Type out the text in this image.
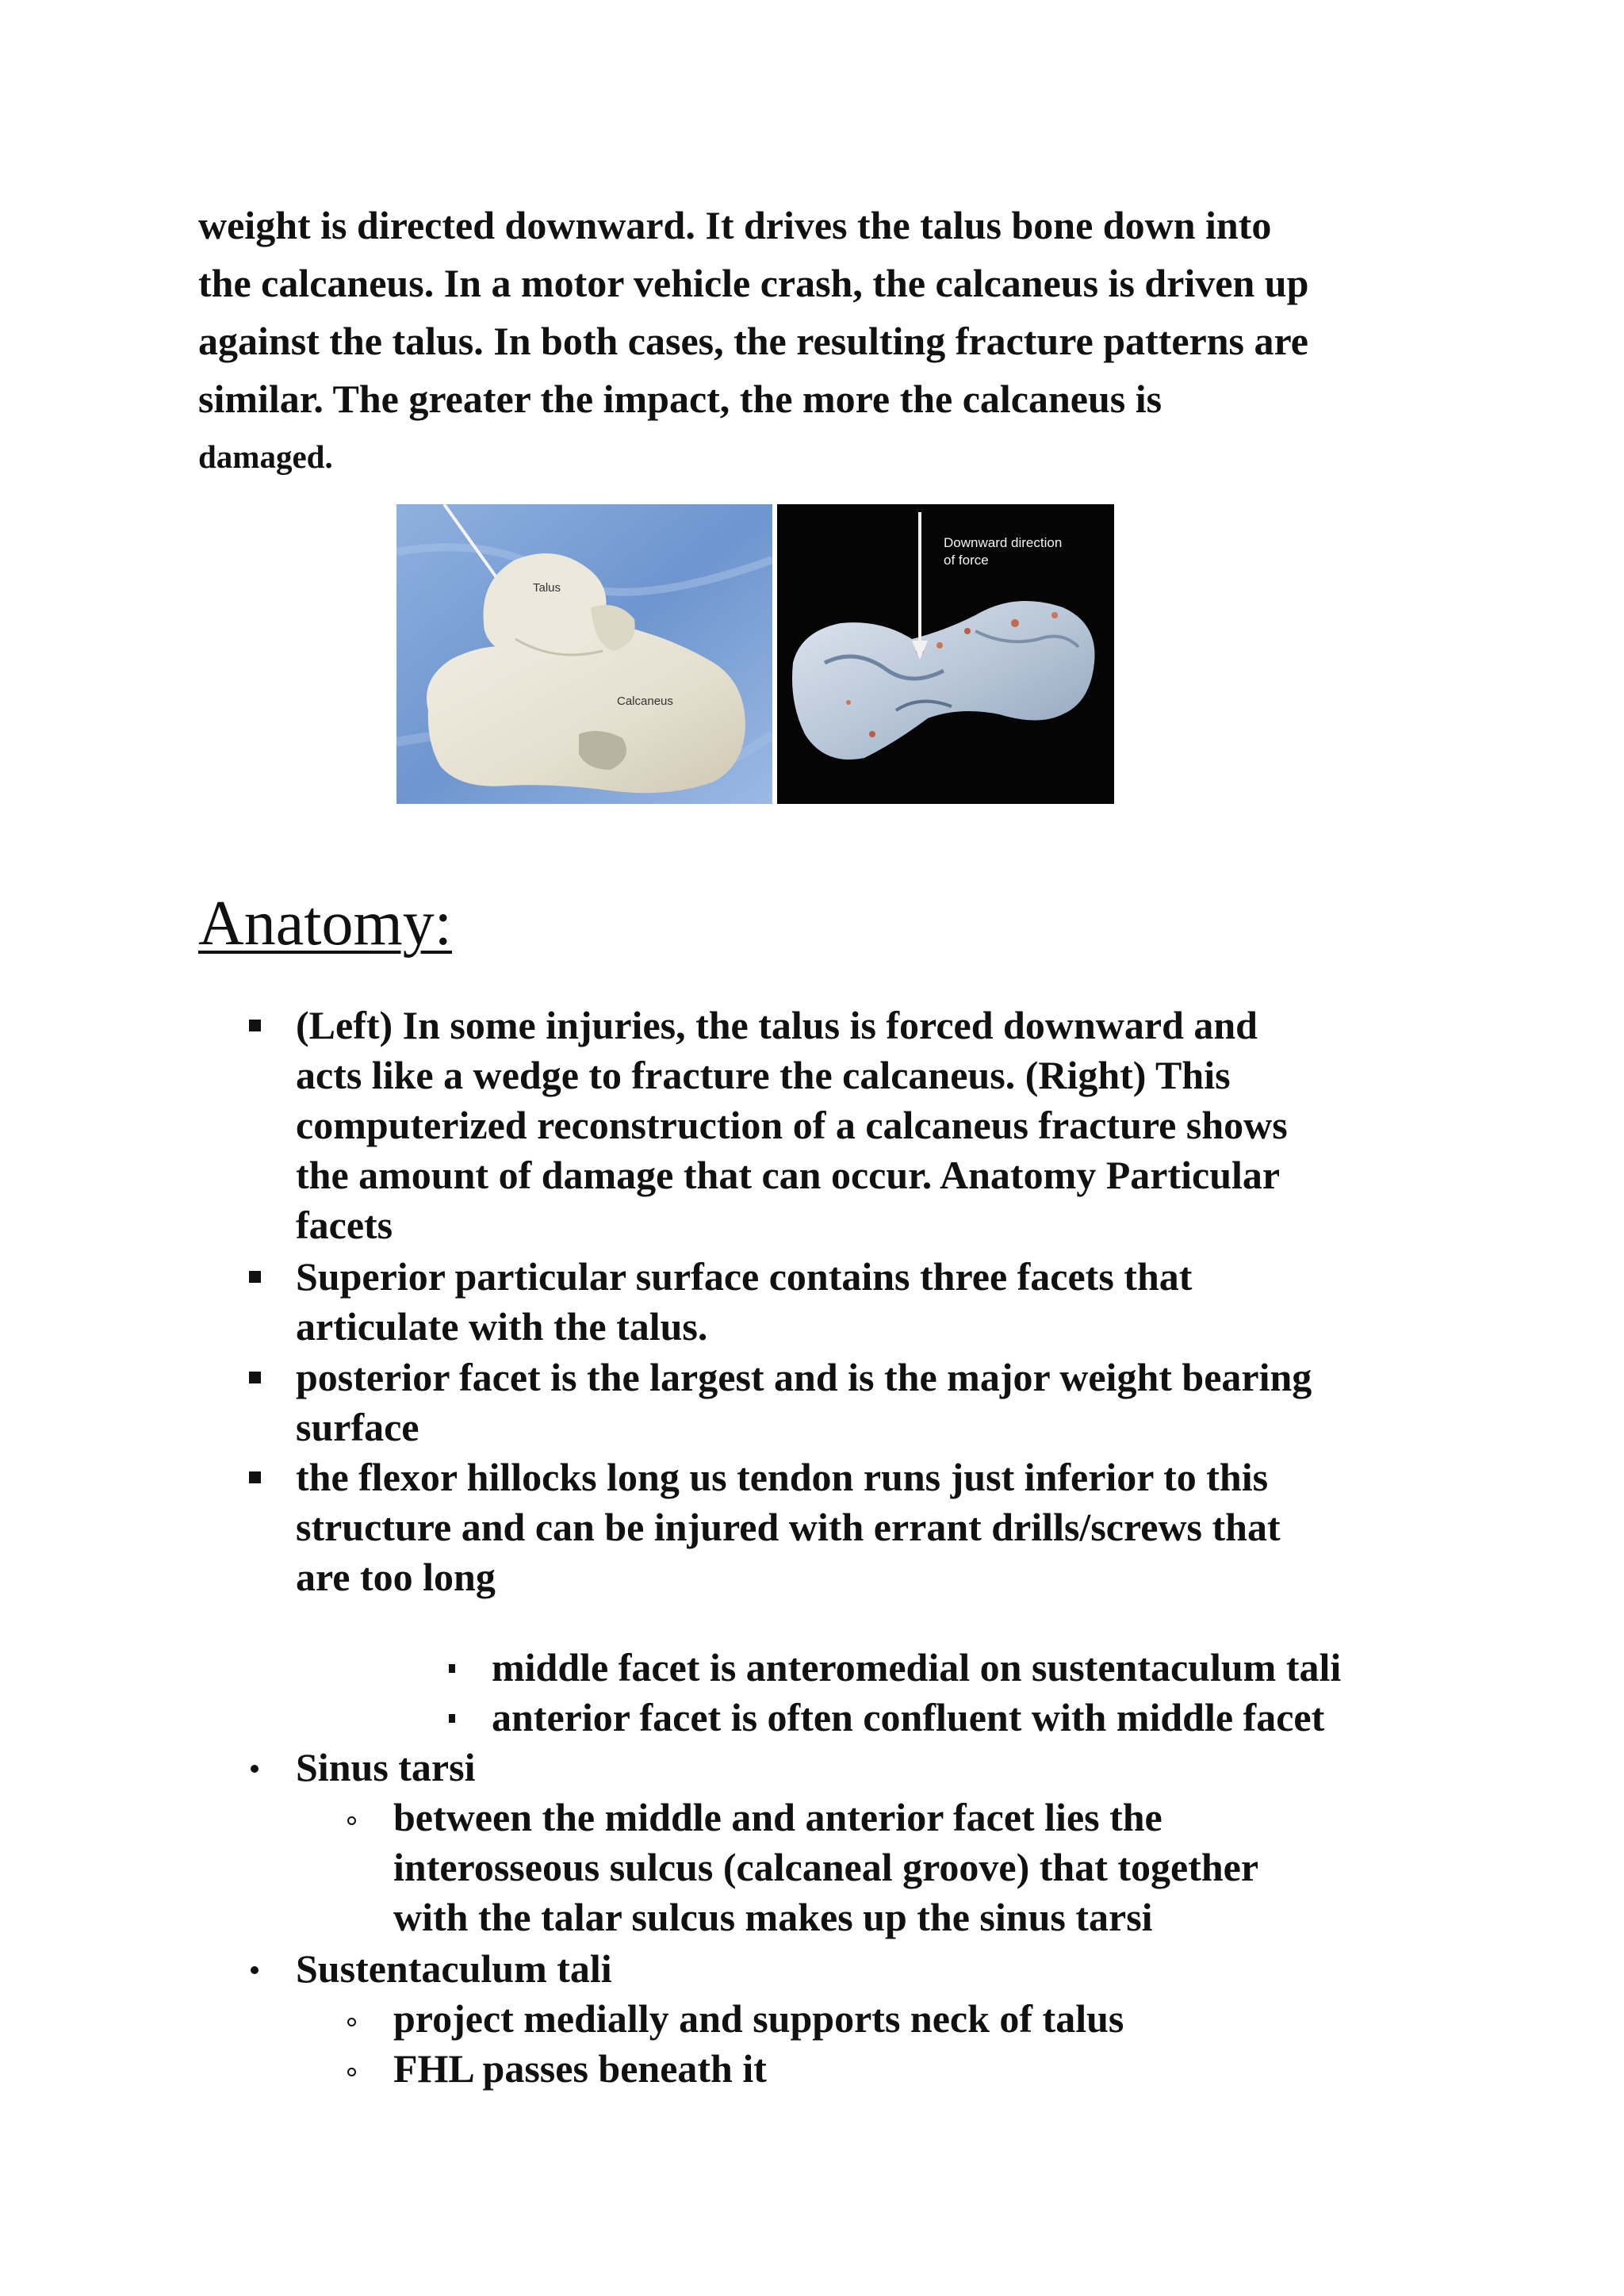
weight is directed downward. It drives the talus bone down into
the calcaneus. In a motor vehicle crash, the calcaneus is driven up
against the talus. In both cases, the resulting fracture patterns are
similar. The greater the impact, the more the calcaneus is
damaged.
Talus
Calcaneus
Downward direction
of force
Anatomy:
(Left) In some injuries, the talus is forced downward and
acts like a wedge to fracture the calcaneus. (Right) This
computerized reconstruction of a calcaneus fracture shows
the amount of damage that can occur. Anatomy Particular
facets
Superior particular surface contains three facets that
articulate with the talus.
posterior facet is the largest and is the major weight bearing
surface
the flexor hillocks long us tendon runs just inferior to this
structure and can be injured with errant drills/screws that
are too long
middle facet is anteromedial on sustentaculum tali
anterior facet is often confluent with middle facet
Sinus tarsi
between the middle and anterior facet lies the
interosseous sulcus (calcaneal groove) that together
with the talar sulcus makes up the sinus tarsi
Sustentaculum tali
project medially and supports neck of talus
FHL passes beneath it
